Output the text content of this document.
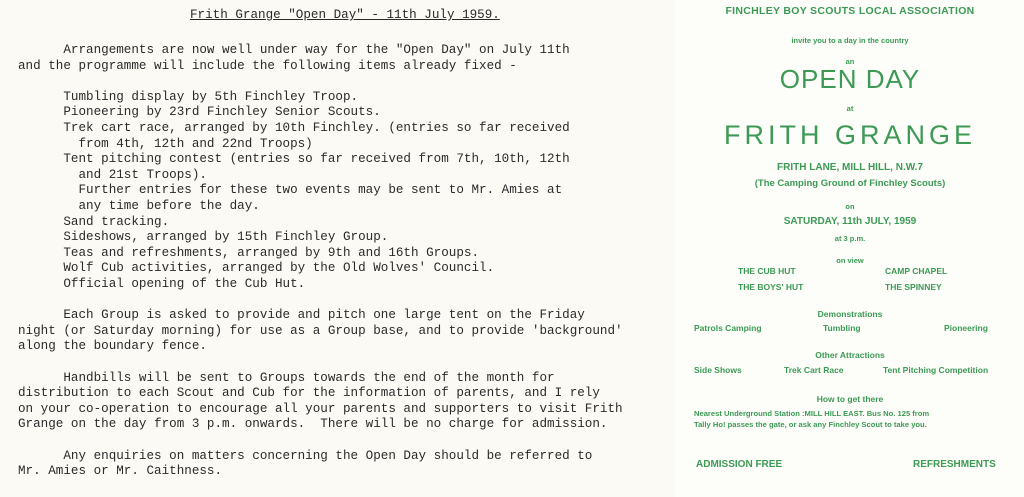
Frith Grange "Open Day" - 11th July 1959.
Arrangements are now well under way for the "Open Day" on July 11th
and the programme will include the following items already fixed -
Tumbling display by 5th Finchley Troop.
Pioneering by 23rd Finchley Senior Scouts.
Trek cart race, arranged by 10th Finchley. (entries so far received
from 4th, 12th and 22nd Troops)
Tent pitching contest (entries so far received from 7th, 10th, 12th
and 21st Troops).
Further entries for these two events may be sent to Mr. Amies at
any time before the day.
Sand tracking.
Sideshows, arranged by 15th Finchley Group.
Teas and refreshments, arranged by 9th and 16th Groups.
Wolf Cub activities, arranged by the Old Wolves' Council.
Official opening of the Cub Hut.
Each Group is asked to provide and pitch one large tent on the Friday
night (or Saturday morning) for use as a Group base, and to provide 'background'
along the boundary fence.
Handbills will be sent to Groups towards the end of the month for
distribution to each Scout and Cub for the information of parents, and I rely
on your co-operation to encourage all your parents and supporters to visit Frith
Grange on the day from 3 p.m. onwards.  There will be no charge for admission.
Any enquiries on matters concerning the Open Day should be referred to
Mr. Amies or Mr. Caithness.
FINCHLEY BOY SCOUTS LOCAL ASSOCIATION
invite you to a day in the country
an
OPEN DAY
at
FRITH GRANGE
FRITH LANE, MILL HILL, N.W.7
(The Camping Ground of Finchley Scouts)
on
SATURDAY, 11th JULY, 1959
at 3 p.m.
on view
THE CUB HUT	CAMP CHAPEL
THE BOYS' HUT	THE SPINNEY
Demonstrations
Patrols Camping	Tumbling	Pioneering
Other Attractions
Side Shows	Trek Cart Race	Tent Pitching Competition
How to get there
Nearest Underground Station :MILL HILL EAST. Bus No. 125 from
Tally Ho! passes the gate, or ask any Finchley Scout to take you.
ADMISSION FREE	REFRESHMENTS
